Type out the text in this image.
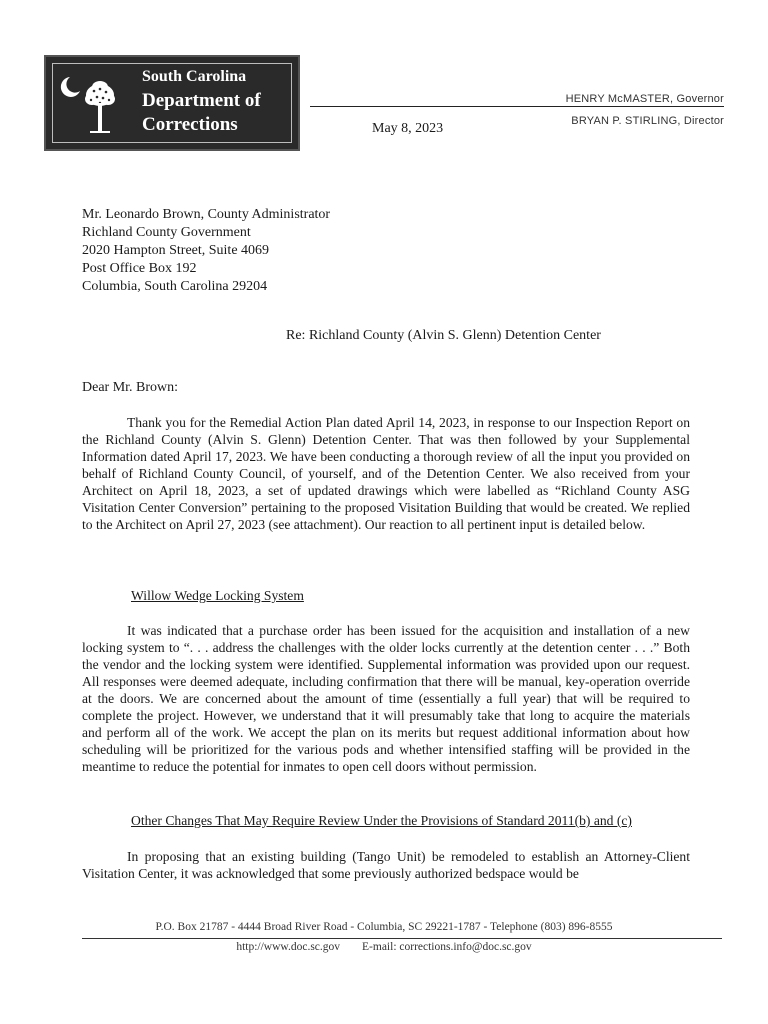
South Carolina
Department of
Corrections
HENRY McMASTER, Governor
BRYAN P. STIRLING, Director
May 8, 2023
Mr. Leonardo Brown, County Administrator
Richland County Government
2020 Hampton Street, Suite 4069
Post Office Box 192
Columbia, South Carolina 29204
Re: Richland County (Alvin S. Glenn) Detention Center
Dear Mr. Brown:

Thank you for the Remedial Action Plan dated April 14, 2023, in response to our Inspection Report on the Richland County (Alvin S. Glenn) Detention Center. That was then followed by your Supplemental Information dated April 17, 2023. We have been conducting a thorough review of all the input you provided on behalf of Richland County Council, of yourself, and of the Detention Center. We also received from your Architect on April 18, 2023, a set of updated drawings which were labelled as “Richland County ASG Visitation Center Conversion” pertaining to the proposed Visitation Building that would be created. We replied to the Architect on April 27, 2023 (see attachment). Our reaction to all pertinent input is detailed below.

Willow Wedge Locking System

It was indicated that a purchase order has been issued for the acquisition and installation of a new locking system to “. . . address the challenges with the older locks currently at the detention center . . .” Both the vendor and the locking system were identified. Supplemental information was provided upon our request. All responses were deemed adequate, including confirmation that there will be manual, key-operation override at the doors. We are concerned about the amount of time (essentially a full year) that will be required to complete the project. However, we understand that it will presumably take that long to acquire the materials and perform all of the work. We accept the plan on its merits but request additional information about how scheduling will be prioritized for the various pods and whether intensified staffing will be provided in the meantime to reduce the potential for inmates to open cell doors without permission.

Other Changes That May Require Review Under the Provisions of Standard 2011(b) and (c)

In proposing that an existing building (Tango Unit) be remodeled to establish an Attorney-Client Visitation Center, it was acknowledged that some previously authorized bedspace would be

P.O. Box 21787 - 4444 Broad River Road - Columbia, SC 29221-1787 - Telephone (803) 896-8555
http://www.doc.sc.gov E-mail: corrections.info@doc.sc.gov
